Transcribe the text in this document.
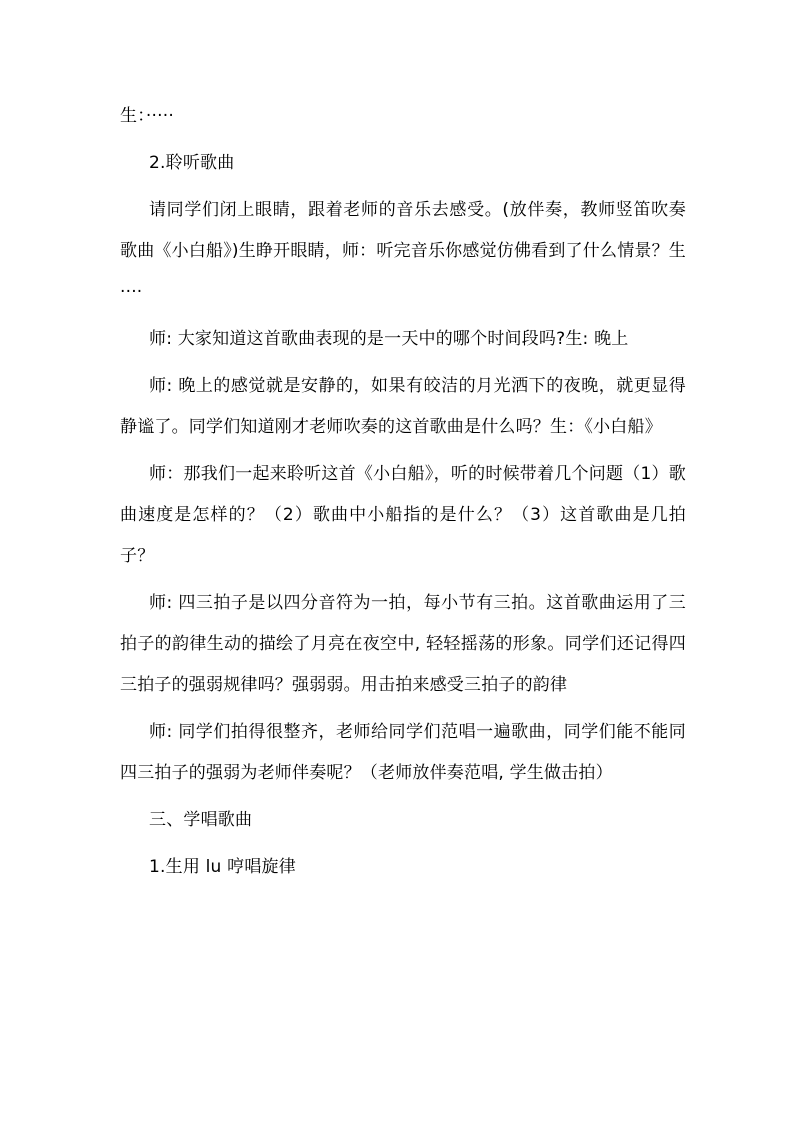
生：·····

2.聆听歌曲

请同学们闭上眼睛，跟着老师的音乐去感受。(放伴奏，教师竖笛吹奏歌曲《小白船》)生睁开眼睛，师：听完音乐你感觉仿佛看到了什么情景？生····

师: 大家知道这首歌曲表现的是一天中的哪个时间段吗?生: 晚上

师: 晚上的感觉就是安静的，如果有皎洁的月光洒下的夜晚，就更显得静谧了。同学们知道刚才老师吹奏的这首歌曲是什么吗？生：《小白船》

师：那我们一起来聆听这首《小白船》，听的时候带着几个问题（1）歌曲速度是怎样的？（2）歌曲中小船指的是什么？（3）这首歌曲是几拍子？

师: 四三拍子是以四分音符为一拍，每小节有三拍。这首歌曲运用了三拍子的韵律生动的描绘了月亮在夜空中, 轻轻摇荡的形象。同学们还记得四三拍子的强弱规律吗？强弱弱。用击拍来感受三拍子的韵律

师: 同学们拍得很整齐，老师给同学们范唱一遍歌曲，同学们能不能同四三拍子的强弱为老师伴奏呢？（老师放伴奏范唱, 学生做击拍）

三、学唱歌曲

1.生用 lu 哼唱旋律
